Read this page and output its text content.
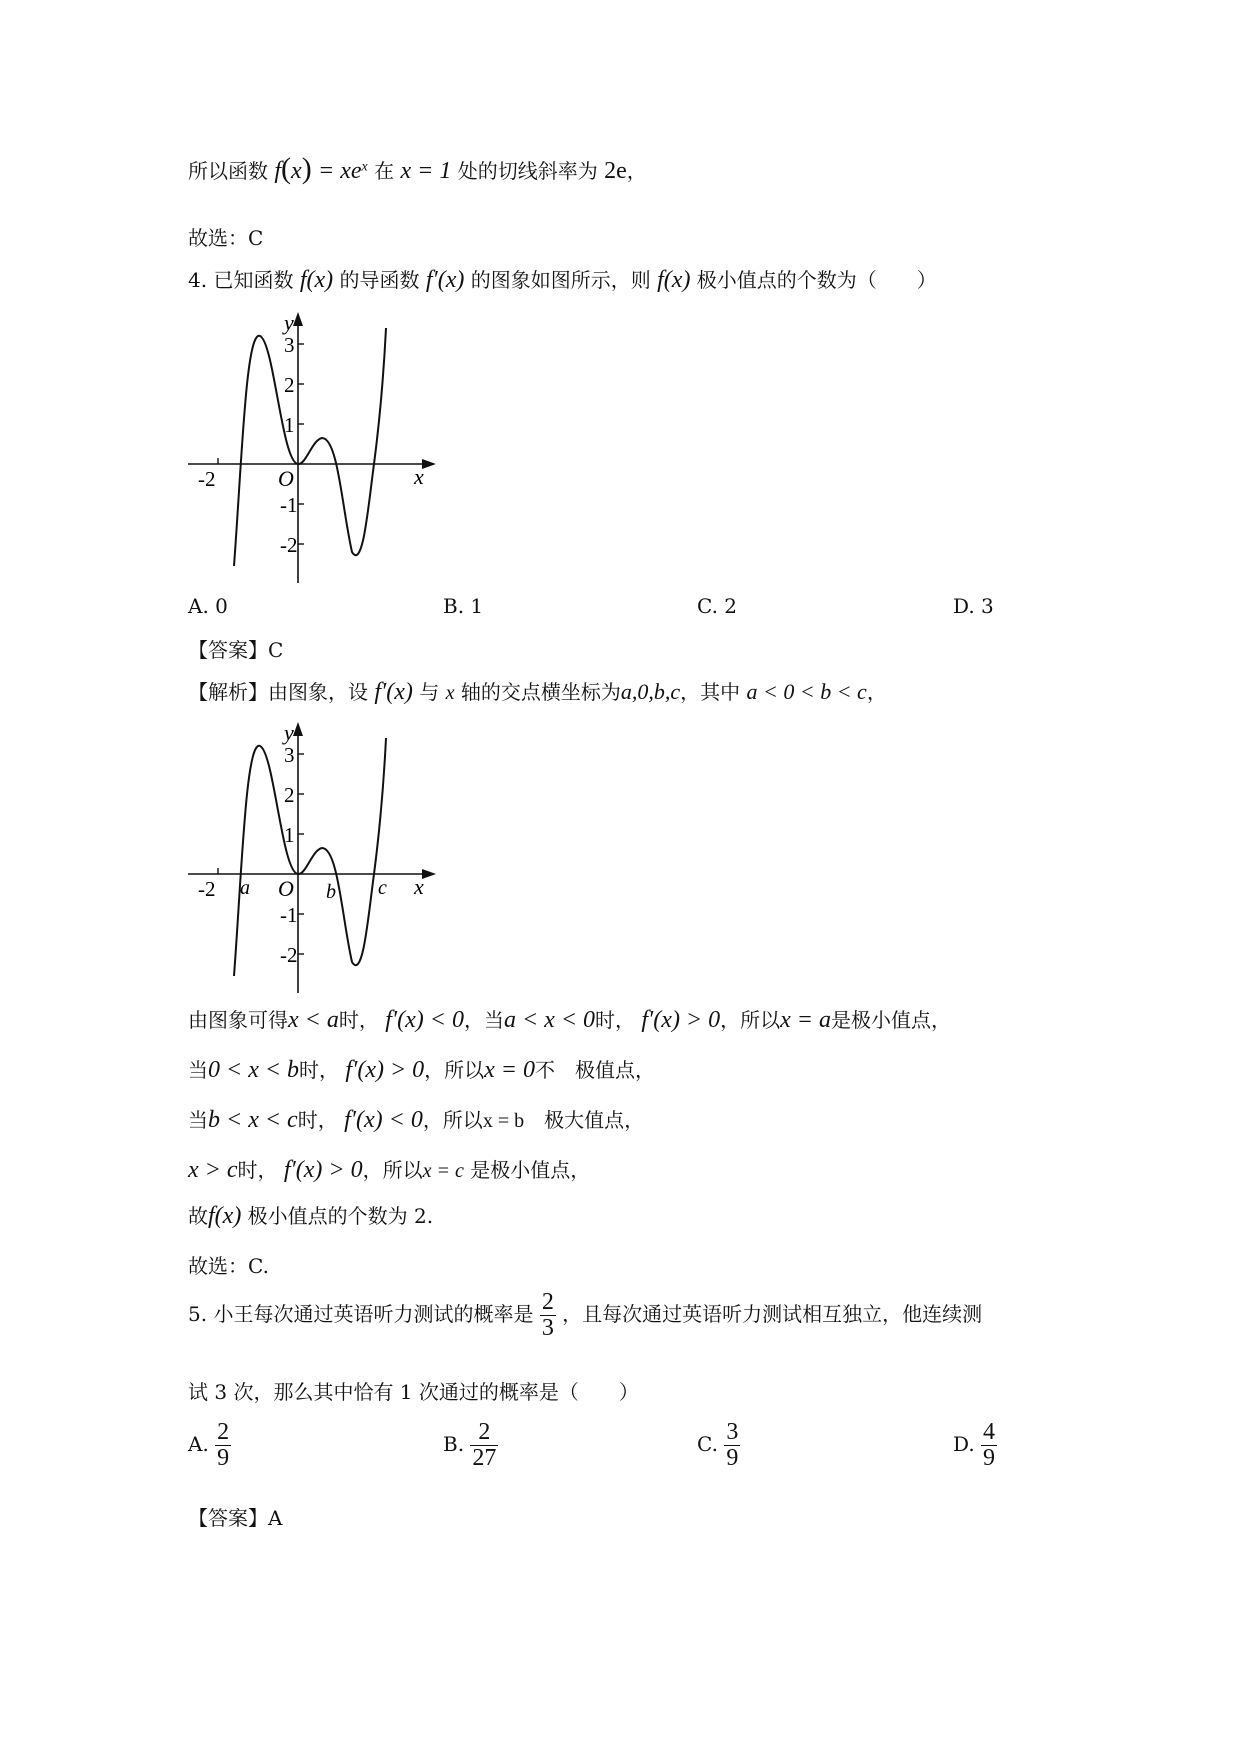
所以函数 $f(x) = xe^x$ 在 x = 1 处的切线斜率为 2e，
故选：C
4. 已知函数 f(x) 的导函数 f′(x) 的图象如图所示，则 f(x) 极小值点的个数为（　　）
y
3
2
1
-1
-2
-2	O	x
A. 0	B. 1	C. 2	D. 3
【答案】C
【解析】由图象，设 f′(x) 与 x 轴的交点横坐标为a,0,b,c，其中 a < 0 < b < c，
y
3
2
1
-1
-2
-2	O	x
a	b c
由图象可得x < a时， f′(x) < 0，当a < x < 0时， f′(x) > 0，所以x = a是极小值点，
当0 < x < b时， f′(x) > 0，所以x = 0不　极值点，
当b < x < c时， f′(x) < 0，所以x = b　极大值点，
x > c时， f′(x) > 0，所以x = c 是极小值点，
故f(x) 极小值点的个数为 2.
故选：C.
5. 小王每次通过英语听力测试的概率是 $\frac{2}{3}$ ，且每次通过英语听力测试相互独立，他连续测
试 3 次，那么其中恰有 1 次通过的概率是（　　）
A. $\frac{2}{9}$	B. $\frac{2}{27}$	C. $\frac{3}{9}$	D. $\frac{4}{9}$
【答案】A
